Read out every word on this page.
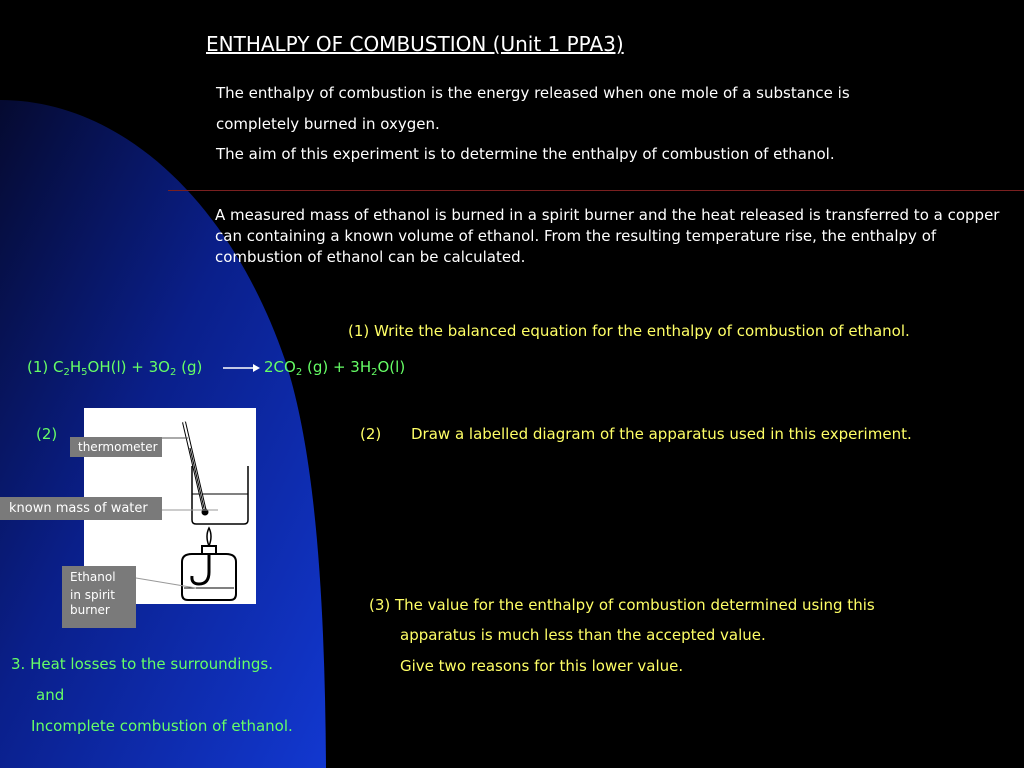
ENTHALPY OF COMBUSTION (Unit 1 PPA3)
The enthalpy of combustion is the energy released when one mole of a substance is
completely burned in oxygen.
The aim of this experiment is to determine the enthalpy of combustion of ethanol.
A measured mass of ethanol is burned in a spirit burner and the heat released is transferred to a copper can containing a known volume of ethanol. From the resulting temperature rise, the enthalpy of combustion of ethanol can be calculated.
(1) Write the balanced equation for the enthalpy of combustion of ethanol.
(1) $C_2H_5OH(l) + 3O_2$ $(g) \to 2CO_2$ $(g) + 3H_2O(l)$
(2) Draw a labelled diagram of the apparatus used in this experiment.
(2)
thermometer
known mass of water
Ethanol
in spirit
burner	(3) The value for the enthalpy of combustion determined using this
apparatus is much less than the accepted value.
Give two reasons for this lower value.
3. Heat losses to the surroundings.
and
Incomplete combustion of ethanol.
